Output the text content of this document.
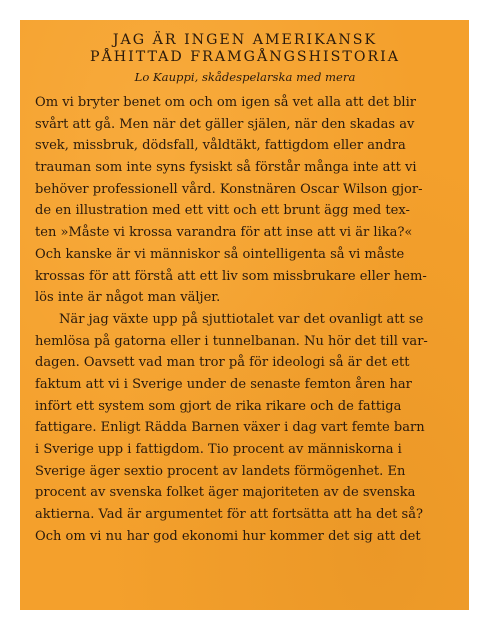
JAG ÄR INGEN AMERIKANSK
PÅHITTAD FRAMGÅNGSHISTORIA
Lo Kauppi, skådespelarska med mera
Om vi bryter benet om och om igen så vet alla att det blir
svårt att gå. Men när det gäller själen, när den skadas av
svek, missbruk, dödsfall, våldtäkt, fattigdom eller andra
trauman som inte syns fysiskt så förstår många inte att vi
behöver professionell vård. Konstnären Oscar Wilson gjor-
de en illustration med ett vitt och ett brunt ägg med tex-
ten »Måste vi krossa varandra för att inse att vi är lika?«
Och kanske är vi människor så ointelligenta så vi måste
krossas för att förstå att ett liv som missbrukare eller hem-
lös inte är något man väljer.
När jag växte upp på sjuttiotalet var det ovanligt att se
hemlösa på gatorna eller i tunnelbanan. Nu hör det till var-
dagen. Oavsett vad man tror på för ideologi så är det ett
faktum att vi i Sverige under de senaste femton åren har
infört ett system som gjort de rika rikare och de fattiga
fattigare. Enligt Rädda Barnen växer i dag vart femte barn
i Sverige upp i fattigdom. Tio procent av människorna i
Sverige äger sextio procent av landets förmögenhet. En
procent av svenska folket äger majoriteten av de svenska
aktierna. Vad är argumentet för att fortsätta att ha det så?
Och om vi nu har god ekonomi hur kommer det sig att det
